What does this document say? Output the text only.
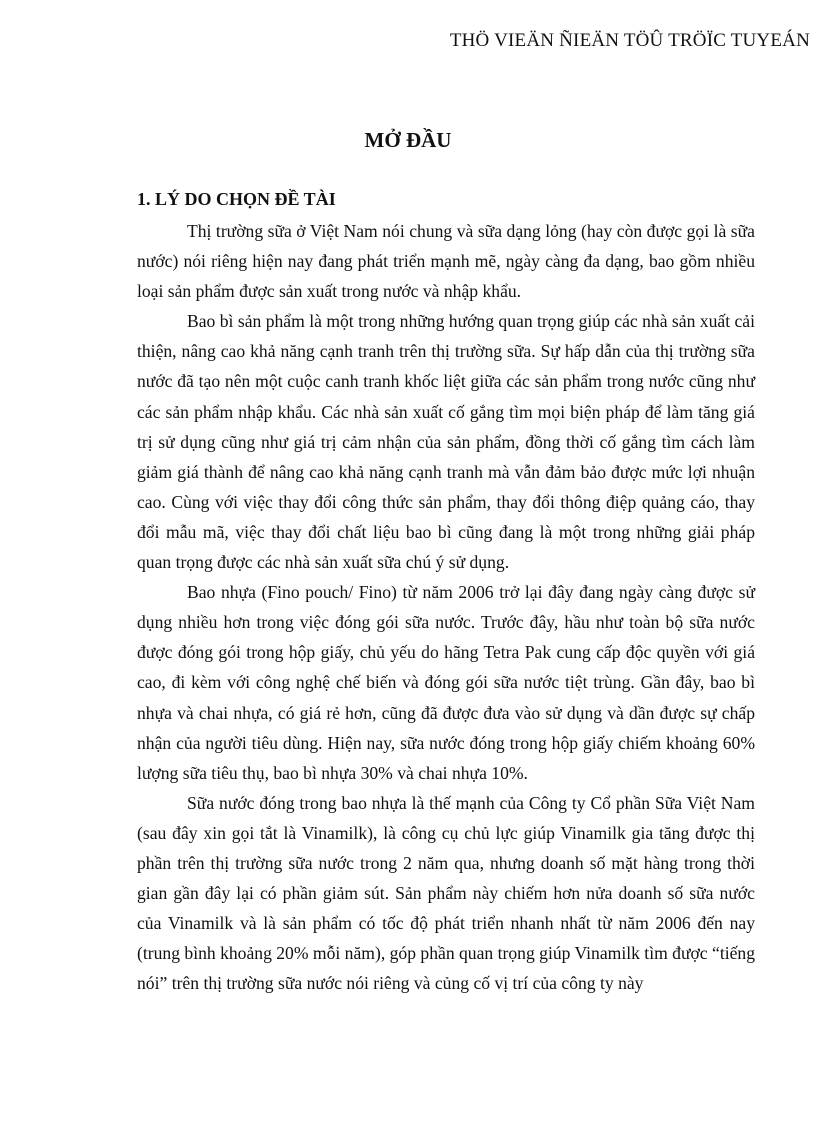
THÖ VIEÄN ÑIEÄN TÖÛ TRÖÏC TUYEÁN
MỞ ĐẦU
1. LÝ DO CHỌN ĐỀ TÀI

Thị trường sữa ở Việt Nam nói chung và sữa dạng lỏng (hay còn được gọi là sữa nước) nói riêng hiện nay đang phát triển mạnh mẽ, ngày càng đa dạng, bao gồm nhiều loại sản phẩm được sản xuất trong nước và nhập khẩu.

Bao bì sản phẩm là một trong những hướng quan trọng giúp các nhà sản xuất cải thiện, nâng cao khả năng cạnh tranh trên thị trường sữa. Sự hấp dẫn của thị trường sữa nước đã tạo nên một cuộc canh tranh khốc liệt giữa các sản phẩm trong nước cũng như các sản phẩm nhập khẩu. Các nhà sản xuất cố gắng tìm mọi biện pháp để làm tăng giá trị sử dụng cũng như giá trị cảm nhận của sản phẩm, đồng thời cố gắng tìm cách làm giảm giá thành để nâng cao khả năng cạnh tranh mà vẫn đảm bảo được mức lợi nhuận cao. Cùng với việc thay đổi công thức sản phẩm, thay đổi thông điệp quảng cáo, thay đổi mẫu mã, việc thay đổi chất liệu bao bì cũng đang là một trong những giải pháp quan trọng được các nhà sản xuất sữa chú ý sử dụng.

Bao nhựa (Fino pouch/ Fino) từ năm 2006 trở lại đây đang ngày càng được sử dụng nhiều hơn trong việc đóng gói sữa nước. Trước đây, hầu như toàn bộ sữa nước được đóng gói trong hộp giấy, chủ yếu do hãng Tetra Pak cung cấp độc quyền với giá cao, đi kèm với công nghệ chế biến và đóng gói sữa nước tiệt trùng. Gần đây, bao bì nhựa và chai nhựa, có giá rẻ hơn, cũng đã được đưa vào sử dụng và dần được sự chấp nhận của người tiêu dùng. Hiện nay, sữa nước đóng trong hộp giấy chiếm khoảng 60% lượng sữa tiêu thụ, bao bì nhựa 30% và chai nhựa 10%.

Sữa nước đóng trong bao nhựa là thế mạnh của Công ty Cổ phần Sữa Việt Nam (sau đây xin gọi tắt là Vinamilk), là công cụ chủ lực giúp Vinamilk gia tăng được thị phần trên thị trường sữa nước trong 2 năm qua, nhưng doanh số mặt hàng trong thời gian gần đây lại có phần giảm sút. Sản phẩm này chiếm hơn nửa doanh số sữa nước của Vinamilk và là sản phẩm có tốc độ phát triển nhanh nhất từ năm 2006 đến nay (trung bình khoảng 20% mỗi năm), góp phần quan trọng giúp Vinamilk tìm được “tiếng nói” trên thị trường sữa nước nói riêng và củng cố vị trí của công ty này
